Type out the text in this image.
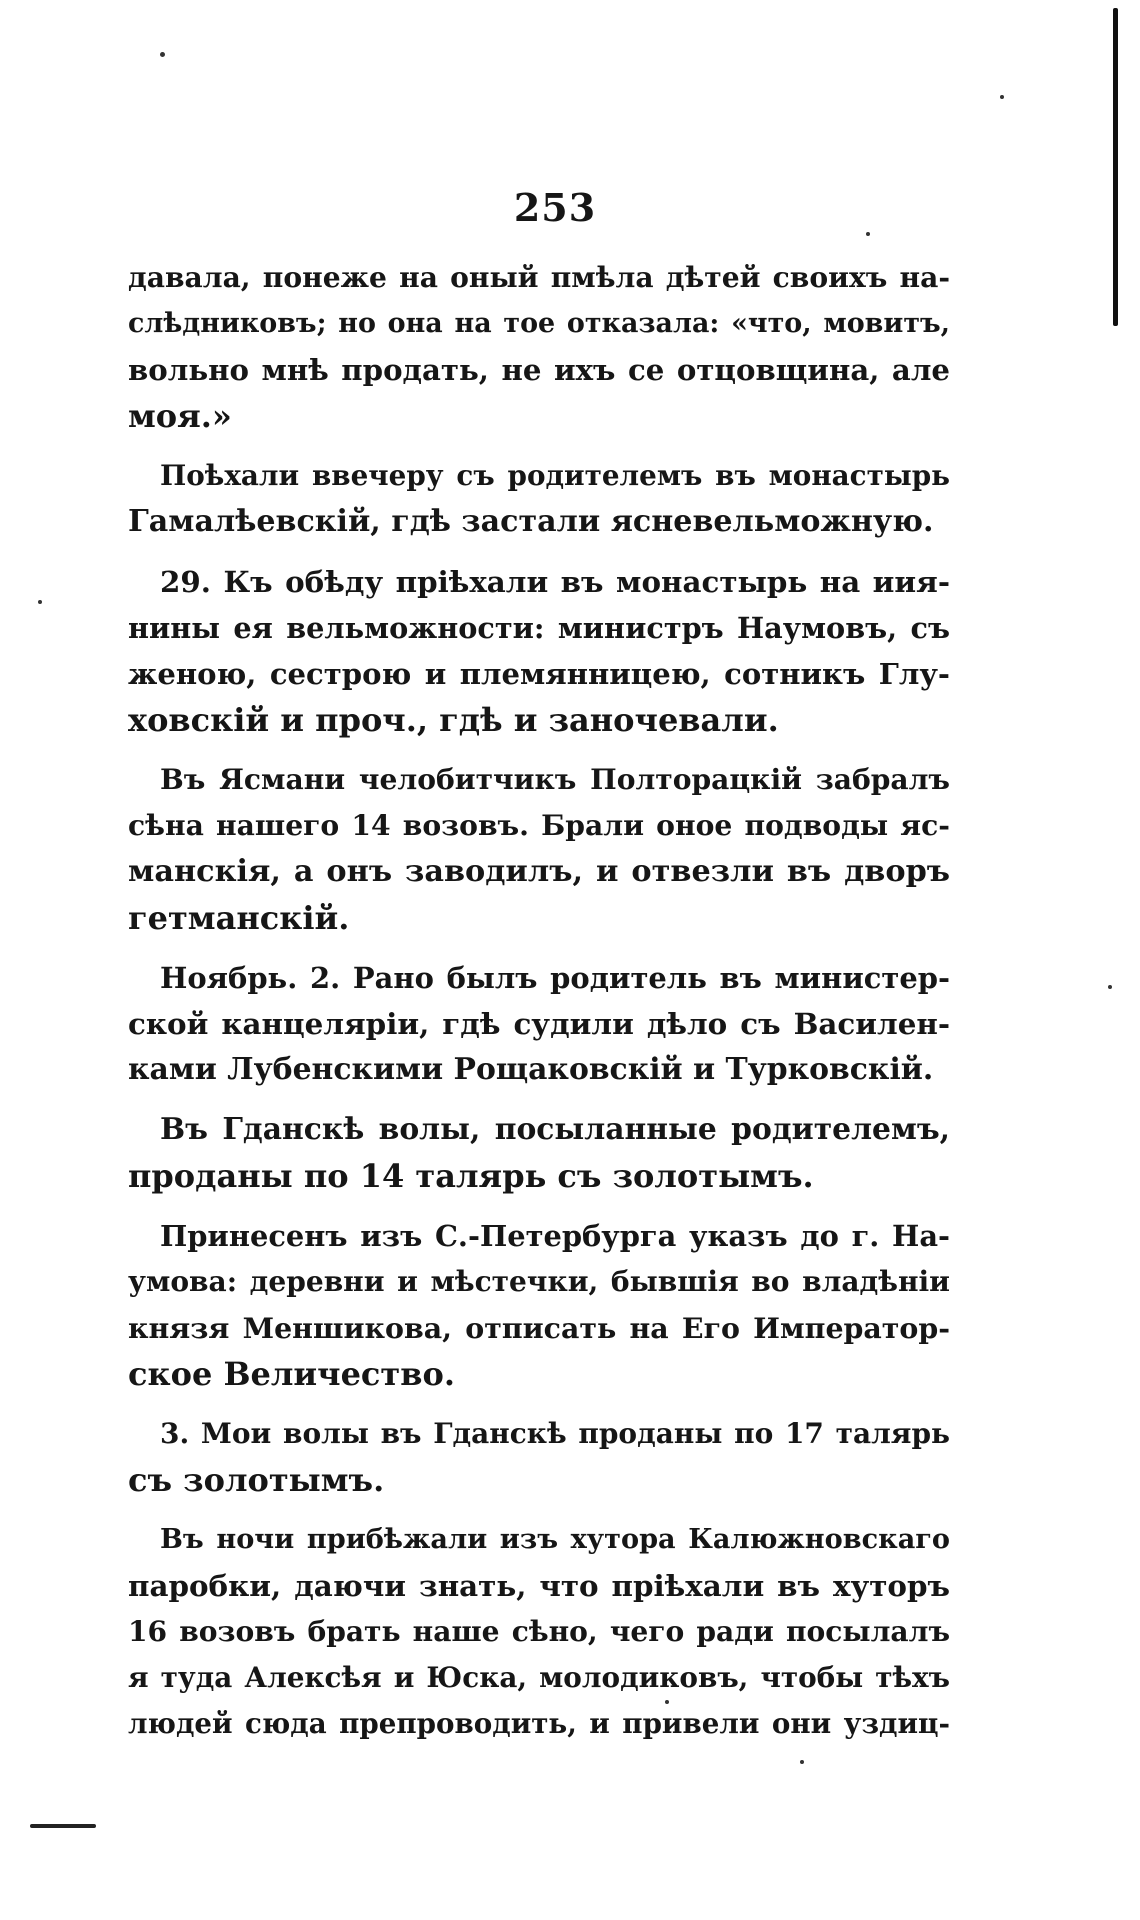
253
давала, понеже на оный пмѣла дѣтей своихъ на-
слѣдниковъ; но она на тое отказала: «что, мовитъ,
вольно мнѣ продать, не ихъ се отцовщина, але
моя.»
Поѣхали ввечеру съ родителемъ въ монастырь
Гамалѣевскій, гдѣ застали ясневельможную.
29. Къ обѣду пріѣхали въ монастырь на иия-
нины ея вельможности: министръ Наумовъ, съ
женою, сестрою и племянницею, сотникъ Глу-
ховскій и проч., гдѣ и заночевали.
Въ Ясмани челобитчикъ Полторацкій забралъ
сѣна нашего 14 возовъ. Брали оное подводы яс-
манскія, а онъ заводилъ, и отвезли въ дворъ
гетманскій.
Ноябрь. 2. Рано былъ родитель въ министер-
ской канцеляріи, гдѣ судили дѣло съ Василен-
ками Лубенскими Рощаковскій и Турковскій.
Въ Гданскѣ волы, посыланные родителемъ,
проданы по 14 талярь съ золотымъ.
Принесенъ изъ С.-Петербурга указъ до г. На-
умова: деревни и мѣстечки, бывшія во владѣніи
князя Меншикова, отписать на Его Император-
ское Величество.
3. Мои волы въ Гданскѣ проданы по 17 талярь
съ золотымъ.
Въ ночи прибѣжали изъ хутора Калюжновскаго
паробки, даючи знать, что пріѣхали въ хуторъ
16 возовъ брать наше сѣно, чего ради посылалъ
я туда Алексѣя и Юска, молодиковъ, чтобы тѣхъ
людей сюда препроводить, и привели они уздиц-
